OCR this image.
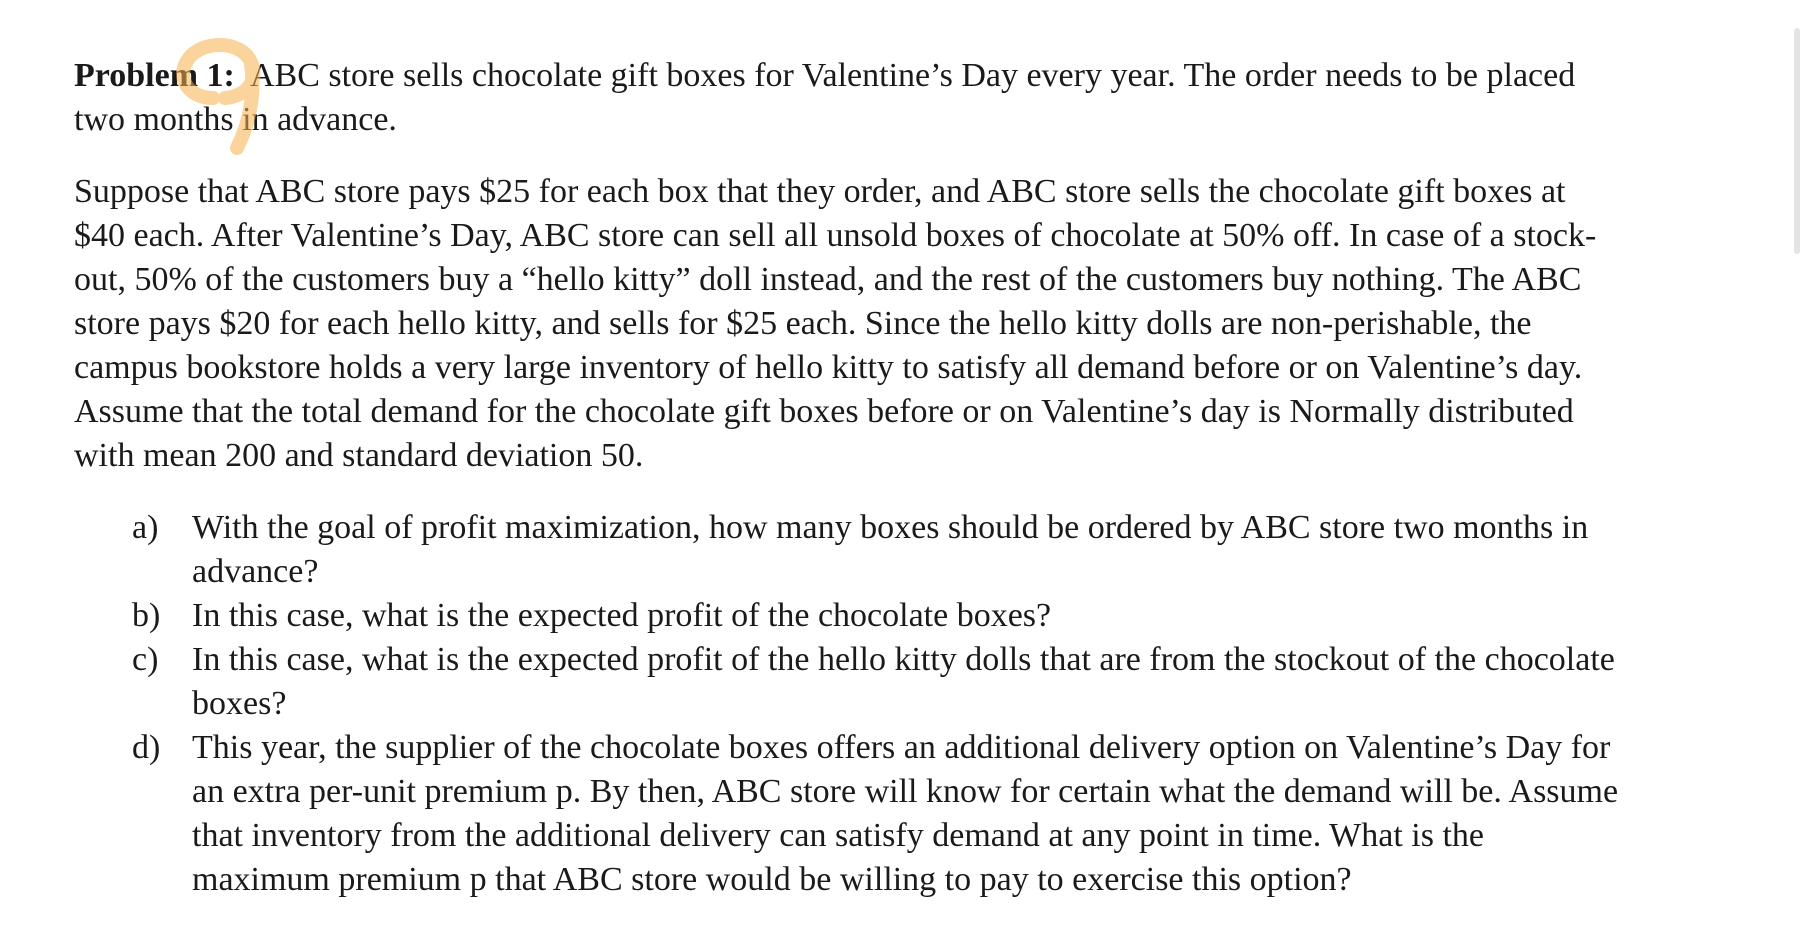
Problem 1: ABC store sells chocolate gift boxes for Valentine’s Day every year. The order needs to be placed two months in advance.

Suppose that ABC store pays $25 for each box that they order, and ABC store sells the chocolate gift boxes at $40 each. After Valentine’s Day, ABC store can sell all unsold boxes of chocolate at 50% off. In case of a stock-out, 50% of the customers buy a “hello kitty” doll instead, and the rest of the customers buy nothing. The ABC store pays $20 for each hello kitty, and sells for $25 each. Since the hello kitty dolls are non-perishable, the campus bookstore holds a very large inventory of hello kitty to satisfy all demand before or on Valentine’s day. Assume that the total demand for the chocolate gift boxes before or on Valentine’s day is Normally distributed with mean 200 and standard deviation 50.

a) With the goal of profit maximization, how many boxes should be ordered by ABC store two months in advance?
b) In this case, what is the expected profit of the chocolate boxes?
c) In this case, what is the expected profit of the hello kitty dolls that are from the stockout of the chocolate boxes?
d) This year, the supplier of the chocolate boxes offers an additional delivery option on Valentine’s Day for an extra per-unit premium p. By then, ABC store will know for certain what the demand will be. Assume that inventory from the additional delivery can satisfy demand at any point in time. What is the maximum premium p that ABC store would be willing to pay to exercise this option?
